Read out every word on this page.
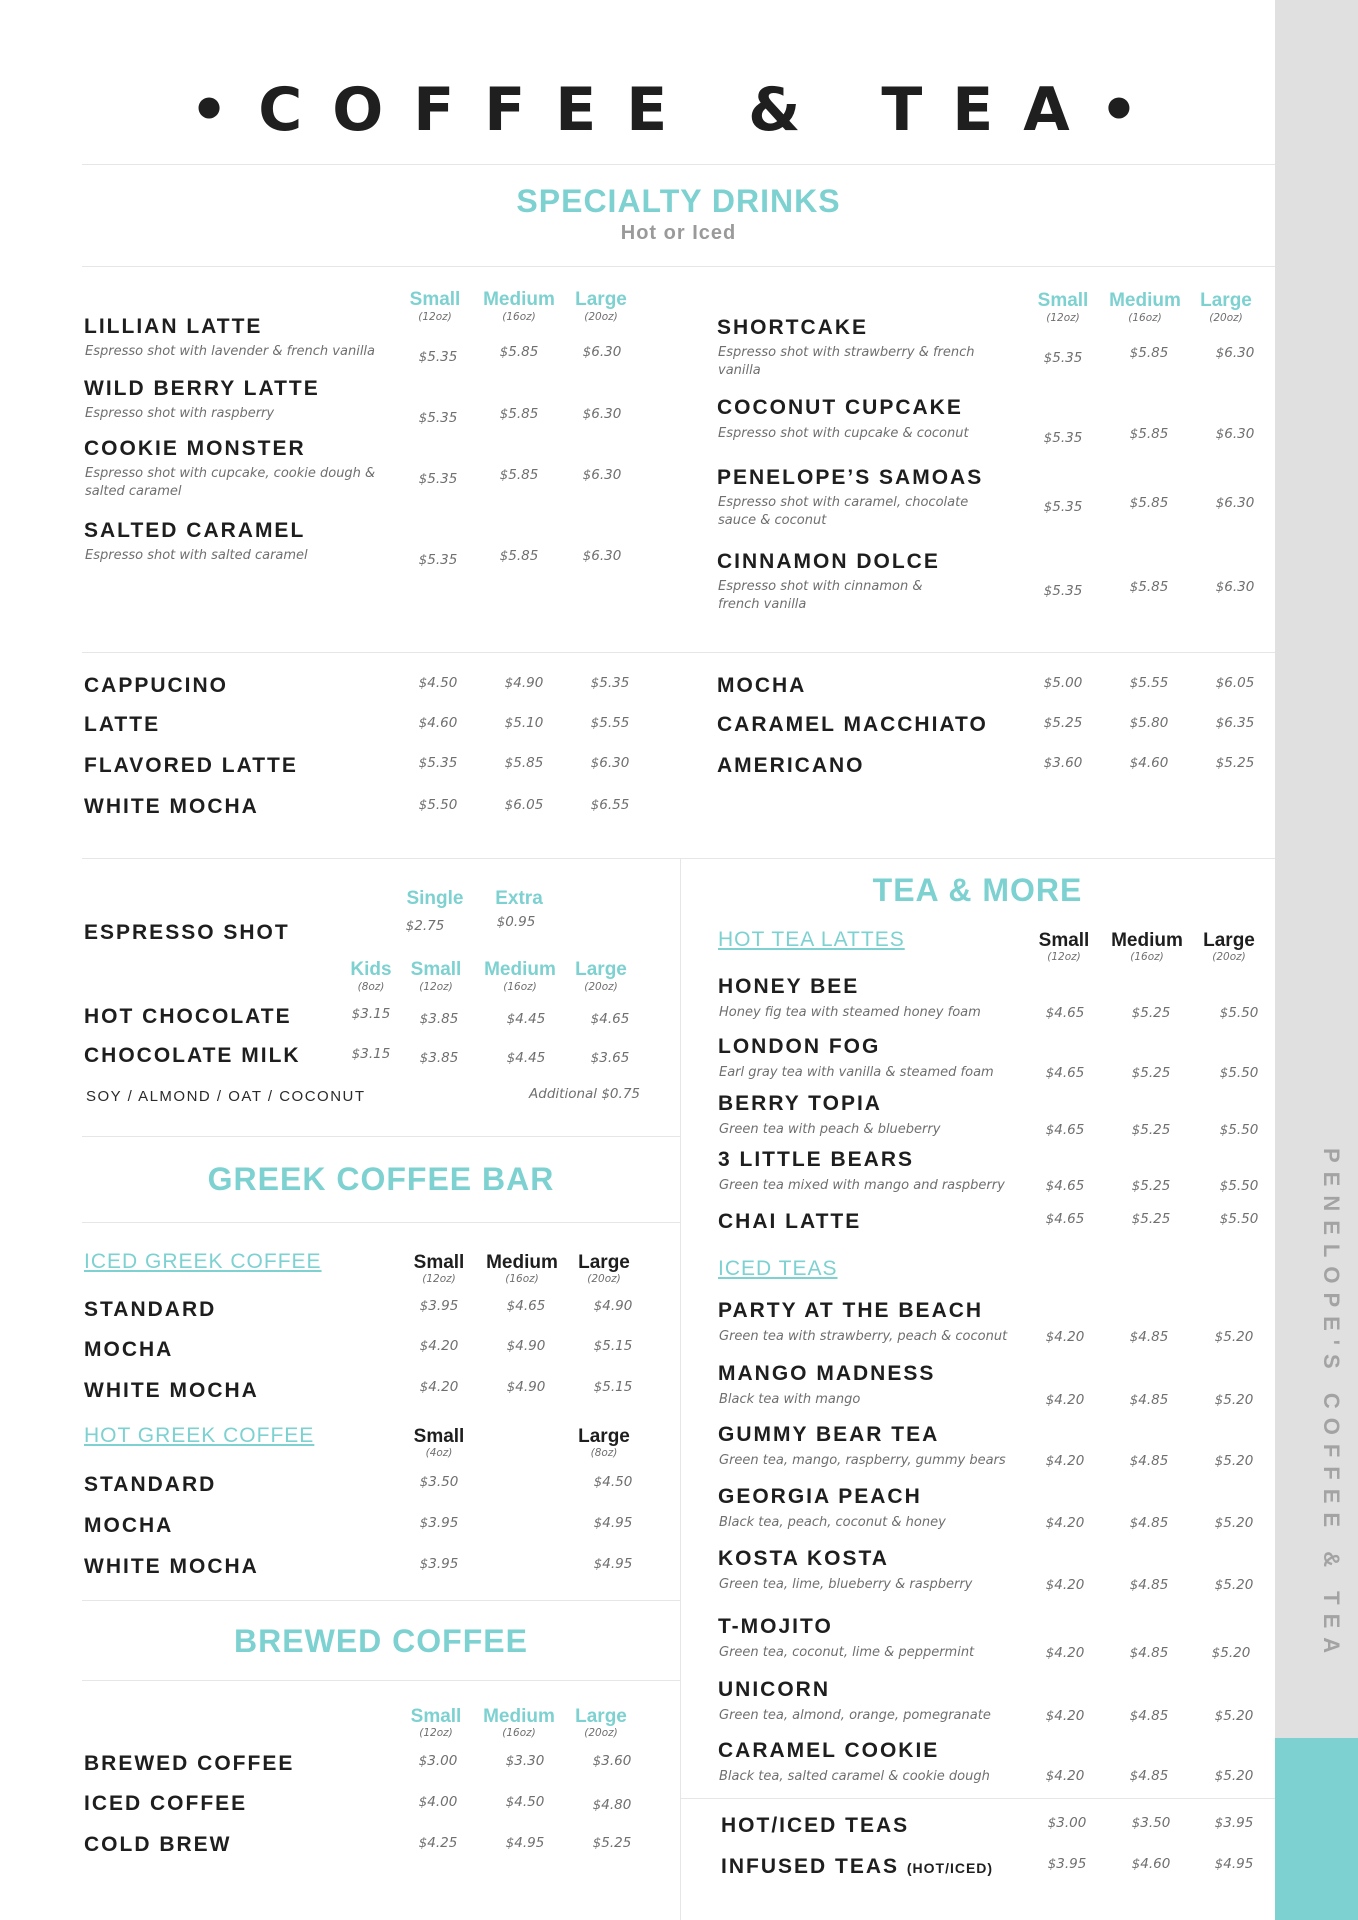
PENELOPE'S COFFEE & TEA
•COFFEE & TEA•
SPECIALTY DRINKS
Hot or Iced
Small	Medium	Large
(12oz)	(16oz)	(20oz)
Small	Medium	Large
(12oz)	(16oz)	(20oz)
LILLIAN LATTE
Espresso shot with lavender & french vanilla	$5.35	$5.85	$6.30
WILD BERRY LATTE
Espresso shot with raspberry	$5.35	$5.85	$6.30
COOKIE MONSTER
Espresso shot with cupcake, cookie dough & salted caramel
$5.35	$5.85	$6.30
SALTED CARAMEL
Espresso shot with salted caramel	$5.35	$5.85	$6.30
SHORTCAKE
Espresso shot with strawberry & french vanilla
$5.35	$5.85	$6.30
COCONUT CUPCAKE
Espresso shot with cupcake & coconut	$5.35	$5.85	$6.30
PENELOPE’S SAMOAS
Espresso shot with caramel, chocolate sauce & coconut
$5.35	$5.85	$6.30
CINNAMON DOLCE
Espresso shot with cinnamon & french vanilla
$5.35	$5.85	$6.30
CAPPUCINO	$4.50	$4.90	$5.35
LATTE	$4.60	$5.10	$5.55
FLAVORED LATTE	$5.35	$5.85	$6.30
WHITE MOCHA	$5.50	$6.05	$6.55
MOCHA	$5.00	$5.55	$6.05
CARAMEL MACCHIATO	$5.25	$5.80	$6.35
AMERICANO	$3.60	$4.60	$5.25
Single	Extra
ESPRESSO SHOT	$2.75	$0.95
Kids	Small	Medium	Large
(8oz)	(12oz)	(16oz)	(20oz)
HOT CHOCOLATE	$3.15	$3.85	$4.45	$4.65
CHOCOLATE MILK	$3.15	$3.85	$4.45	$3.65
SOY / ALMOND / OAT / COCONUT	Additional $0.75
GREEK COFFEE BAR
ICED GREEK COFFEE	Small	Medium	Large
(12oz)	(16oz)	(20oz)
STANDARD	$3.95	$4.65	$4.90
MOCHA	$4.20	$4.90	$5.15
WHITE MOCHA	$4.20	$4.90	$5.15
HOT GREEK COFFEE	Small	Large
(4oz)	(8oz)
STANDARD	$3.50	$4.50
MOCHA	$3.95	$4.95
WHITE MOCHA	$3.95	$4.95
BREWED COFFEE
Small	Medium	Large
(12oz)	(16oz)	(20oz)
BREWED COFFEE	$3.00	$3.30	$3.60
ICED COFFEE	$4.00	$4.50	$4.80
COLD BREW	$4.25	$4.95	$5.25
TEA & MORE
HOT TEA LATTES	Small	Medium	Large
(12oz)	(16oz)	(20oz)
HONEY BEE
Honey fig tea with steamed honey foam	$4.65	$5.25	$5.50
LONDON FOG
Earl gray tea with vanilla & steamed foam	$4.65	$5.25	$5.50
BERRY TOPIA
Green tea with peach & blueberry	$4.65	$5.25	$5.50
3 LITTLE BEARS
Green tea mixed with mango and raspberry	$4.65	$5.25	$5.50
CHAI LATTE	$4.65	$5.25	$5.50
ICED TEAS
PARTY AT THE BEACH
Green tea with strawberry, peach & coconut	$4.20	$4.85	$5.20
MANGO MADNESS
Black tea with mango	$4.20	$4.85	$5.20
GUMMY BEAR TEA
Green tea, mango, raspberry, gummy bears	$4.20	$4.85	$5.20
GEORGIA PEACH
Black tea, peach, coconut & honey	$4.20	$4.85	$5.20
KOSTA KOSTA
Green tea, lime, blueberry & raspberry	$4.20	$4.85	$5.20
T-MOJITO
Green tea, coconut, lime & peppermint	$4.20	$4.85	$5.20
UNICORN
Green tea, almond, orange, pomegranate	$4.20	$4.85	$5.20
CARAMEL COOKIE
Black tea, salted caramel & cookie dough	$4.20	$4.85	$5.20
HOT/ICED TEAS	$3.00	$3.50	$3.95
INFUSED TEAS (HOT/ICED)	$3.95	$4.60	$4.95
